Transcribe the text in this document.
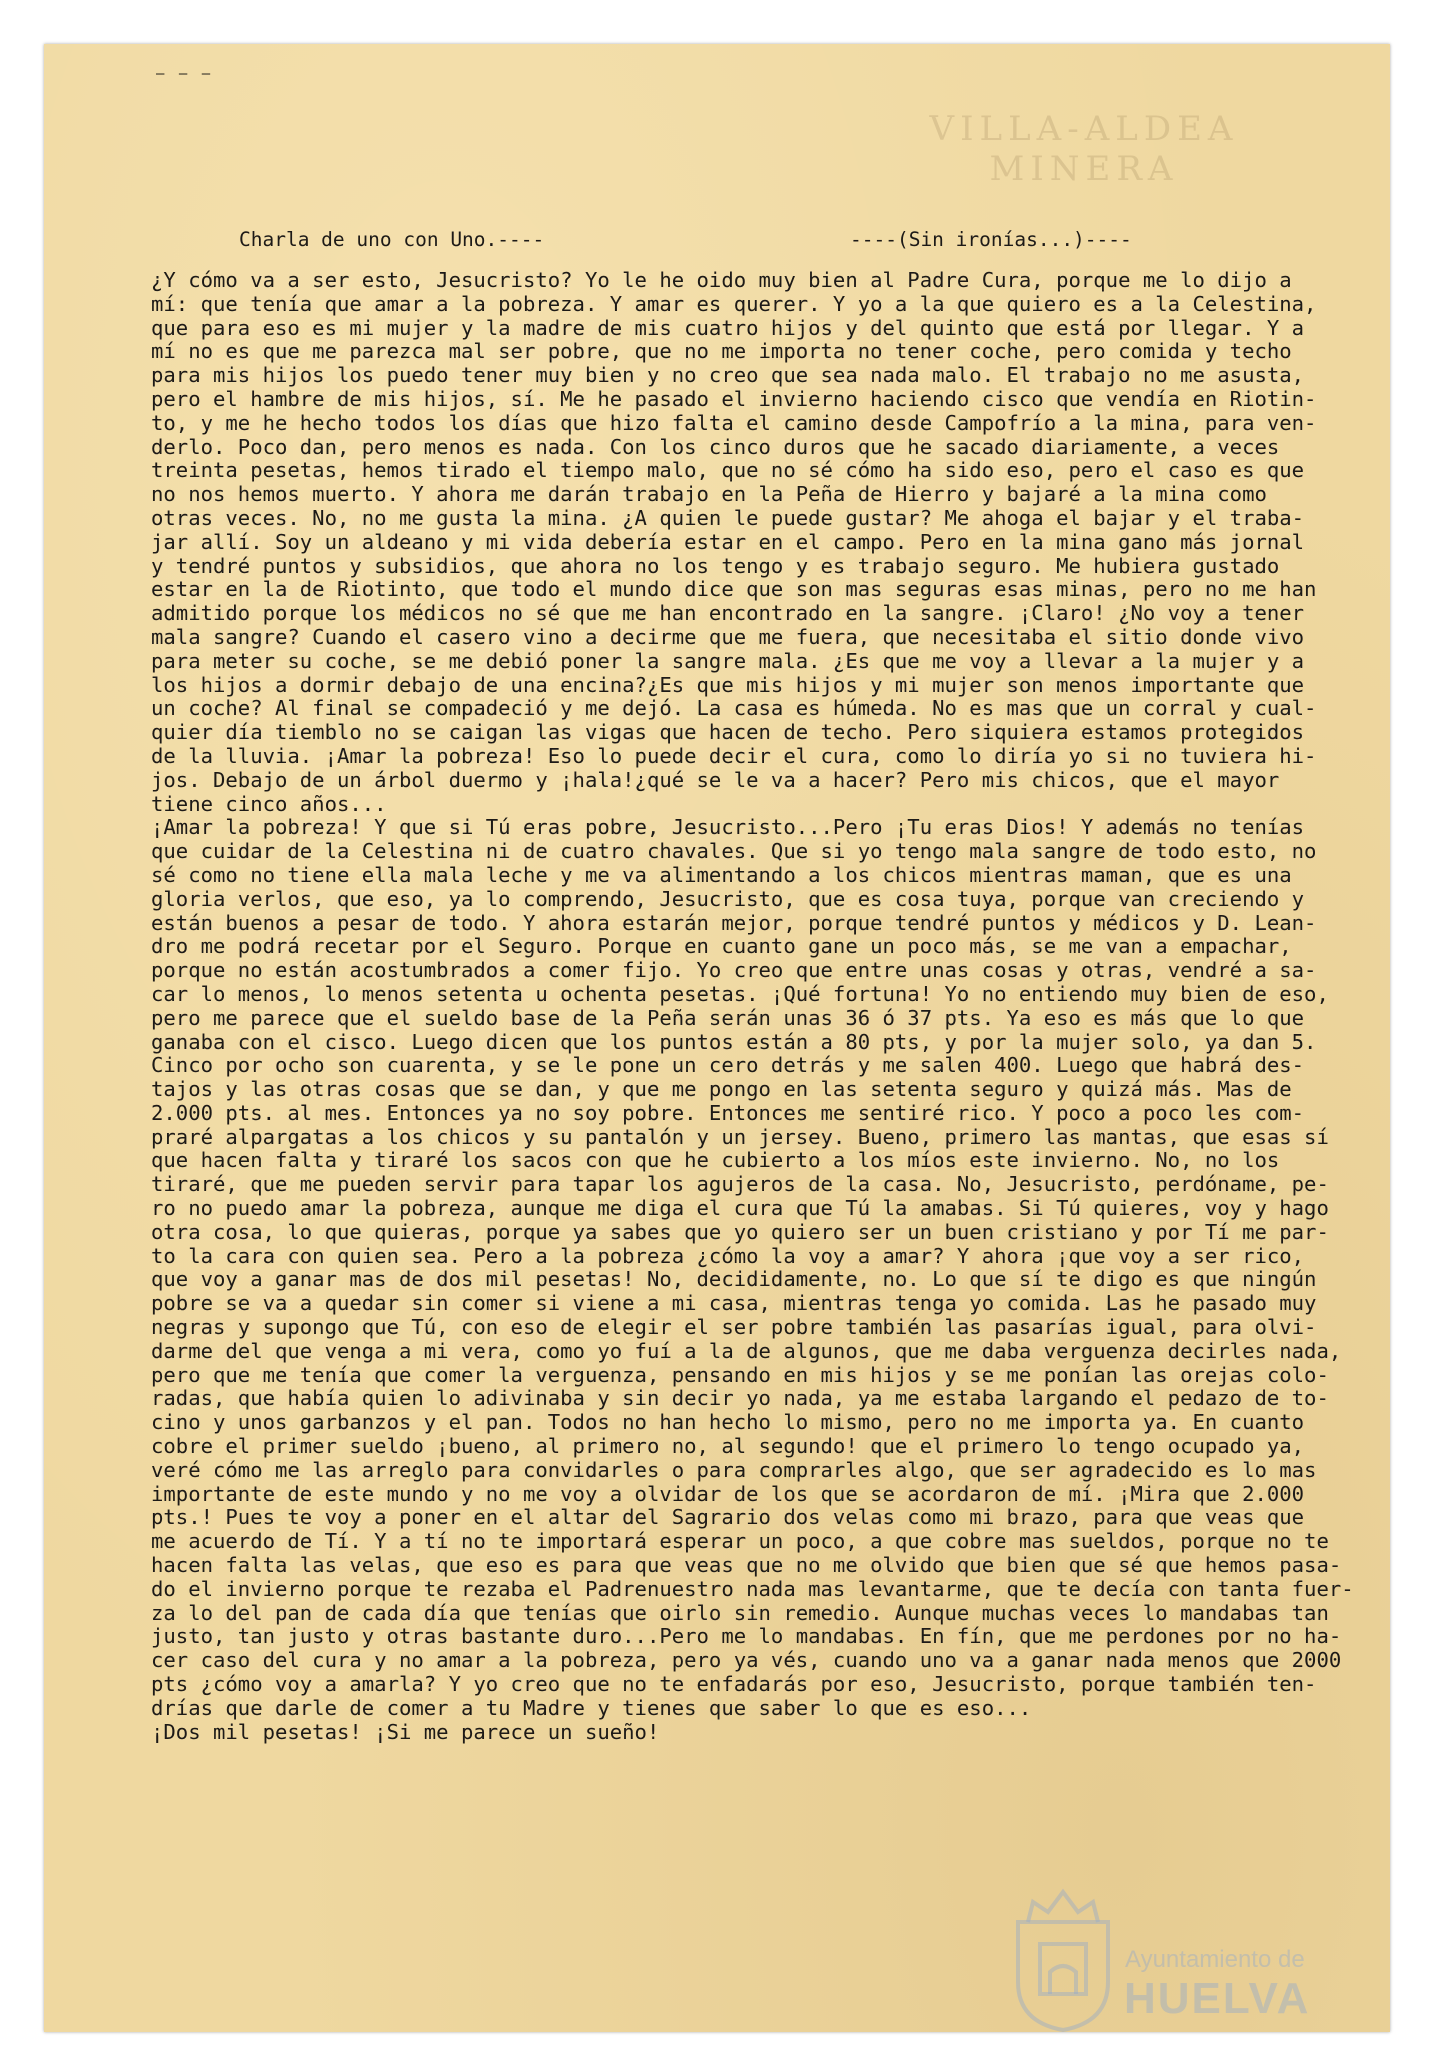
— — —
VILLA-ALDEA MINERA
Charla de uno con Uno.----	----(Sin ironías...)----
¿Y cómo va a ser esto, Jesucristo? Yo le he oido muy bien al Padre Cura, porque me lo dijo a
mí: que tenía que amar a la pobreza. Y amar es querer. Y yo a la que quiero es a la Celestina,
que para eso es mi mujer y la madre de mis cuatro hijos y del quinto que está por llegar. Y a
mí no es que me parezca mal ser pobre, que no me importa no tener coche, pero comida y techo
para mis hijos los puedo tener muy bien y no creo que sea nada malo. El trabajo no me asusta,
pero el hambre de mis hijos, sí. Me he pasado el invierno haciendo cisco que vendía en Riotin-
to, y me he hecho todos los días que hizo falta el camino desde Campofrío a la mina, para ven-
derlo. Poco dan, pero menos es nada. Con los cinco duros que he sacado diariamente, a veces
treinta pesetas, hemos tirado el tiempo malo, que no sé cómo ha sido eso, pero el caso es que
no nos hemos muerto. Y ahora me darán trabajo en la Peña de Hierro y bajaré a la mina como
otras veces. No, no me gusta la mina. ¿A quien le puede gustar? Me ahoga el bajar y el traba-
jar allí. Soy un aldeano y mi vida debería estar en el campo. Pero en la mina gano más jornal
y tendré puntos y subsidios, que ahora no los tengo y es trabajo seguro. Me hubiera gustado
estar en la de Riotinto, que todo el mundo dice que son mas seguras esas minas, pero no me han
admitido porque los médicos no sé que me han encontrado en la sangre. ¡Claro! ¿No voy a tener
mala sangre? Cuando el casero vino a decirme que me fuera, que necesitaba el sitio donde vivo
para meter su coche, se me debió poner la sangre mala. ¿Es que me voy a llevar a la mujer y a
los hijos a dormir debajo de una encina?¿Es que mis hijos y mi mujer son menos importante que
un coche? Al final se compadeció y me dejó. La casa es húmeda. No es mas que un corral y cual-
quier día tiemblo no se caigan las vigas que hacen de techo. Pero siquiera estamos protegidos
de la lluvia. ¡Amar la pobreza! Eso lo puede decir el cura, como lo diría yo si no tuviera hi-
jos. Debajo de un árbol duermo y ¡hala!¿qué se le va a hacer? Pero mis chicos, que el mayor
tiene cinco años...
¡Amar la pobreza! Y que si Tú eras pobre, Jesucristo...Pero ¡Tu eras Dios! Y además no tenías
que cuidar de la Celestina ni de cuatro chavales. Que si yo tengo mala sangre de todo esto, no
sé como no tiene ella mala leche y me va alimentando a los chicos mientras maman, que es una
gloria verlos, que eso, ya lo comprendo, Jesucristo, que es cosa tuya, porque van creciendo y
están buenos a pesar de todo. Y ahora estarán mejor, porque tendré puntos y médicos y D. Lean-
dro me podrá recetar por el Seguro. Porque en cuanto gane un poco más, se me van a empachar,
porque no están acostumbrados a comer fijo. Yo creo que entre unas cosas y otras, vendré a sa-
car lo menos, lo menos setenta u ochenta pesetas. ¡Qué fortuna! Yo no entiendo muy bien de eso,
pero me parece que el sueldo base de la Peña serán unas 36 ó 37 pts. Ya eso es más que lo que
ganaba con el cisco. Luego dicen que los puntos están a 80 pts, y por la mujer solo, ya dan 5.
Cinco por ocho son cuarenta, y se le pone un cero detrás y me salen 400. Luego que habrá des-
tajos y las otras cosas que se dan, y que me pongo en las setenta seguro y quizá más. Mas de
2.000 pts. al mes. Entonces ya no soy pobre. Entonces me sentiré rico. Y poco a poco les com-
praré alpargatas a los chicos y su pantalón y un jersey. Bueno, primero las mantas, que esas sí
que hacen falta y tiraré los sacos con que he cubierto a los míos este invierno. No, no los
tiraré, que me pueden servir para tapar los agujeros de la casa. No, Jesucristo, perdóname, pe-
ro no puedo amar la pobreza, aunque me diga el cura que Tú la amabas. Si Tú quieres, voy y hago
otra cosa, lo que quieras, porque ya sabes que yo quiero ser un buen cristiano y por Tí me par-
to la cara con quien sea. Pero a la pobreza ¿cómo la voy a amar? Y ahora ¡que voy a ser rico,
que voy a ganar mas de dos mil pesetas! No, decididamente, no. Lo que sí te digo es que ningún
pobre se va a quedar sin comer si viene a mi casa, mientras tenga yo comida. Las he pasado muy
negras y supongo que Tú, con eso de elegir el ser pobre también las pasarías igual, para olvi-
darme del que venga a mi vera, como yo fuí a la de algunos, que me daba verguenza decirles nada,
pero que me tenía que comer la verguenza, pensando en mis hijos y se me ponían las orejas colo-
radas, que había quien lo adivinaba y sin decir yo nada, ya me estaba largando el pedazo de to-
cino y unos garbanzos y el pan. Todos no han hecho lo mismo, pero no me importa ya. En cuanto
cobre el primer sueldo ¡bueno, al primero no, al segundo! que el primero lo tengo ocupado ya,
veré cómo me las arreglo para convidarles o para comprarles algo, que ser agradecido es lo mas
importante de este mundo y no me voy a olvidar de los que se acordaron de mí. ¡Mira que 2.000
pts.! Pues te voy a poner en el altar del Sagrario dos velas como mi brazo, para que veas que
me acuerdo de Tí. Y a tí no te importará esperar un poco, a que cobre mas sueldos, porque no te
hacen falta las velas, que eso es para que veas que no me olvido que bien que sé que hemos pasa-
do el invierno porque te rezaba el Padrenuestro nada mas levantarme, que te decía con tanta fuer-
za lo del pan de cada día que tenías que oirlo sin remedio. Aunque muchas veces lo mandabas tan
justo, tan justo y otras bastante duro...Pero me lo mandabas. En fín, que me perdones por no ha-
cer caso del cura y no amar a la pobreza, pero ya vés, cuando uno va a ganar nada menos que 2000
pts ¿cómo voy a amarla? Y yo creo que no te enfadarás por eso, Jesucristo, porque también ten-
drías que darle de comer a tu Madre y tienes que saber lo que es eso...
¡Dos mil pesetas! ¡Si me parece un sueño!
Ayuntamiento de
HUELVA
